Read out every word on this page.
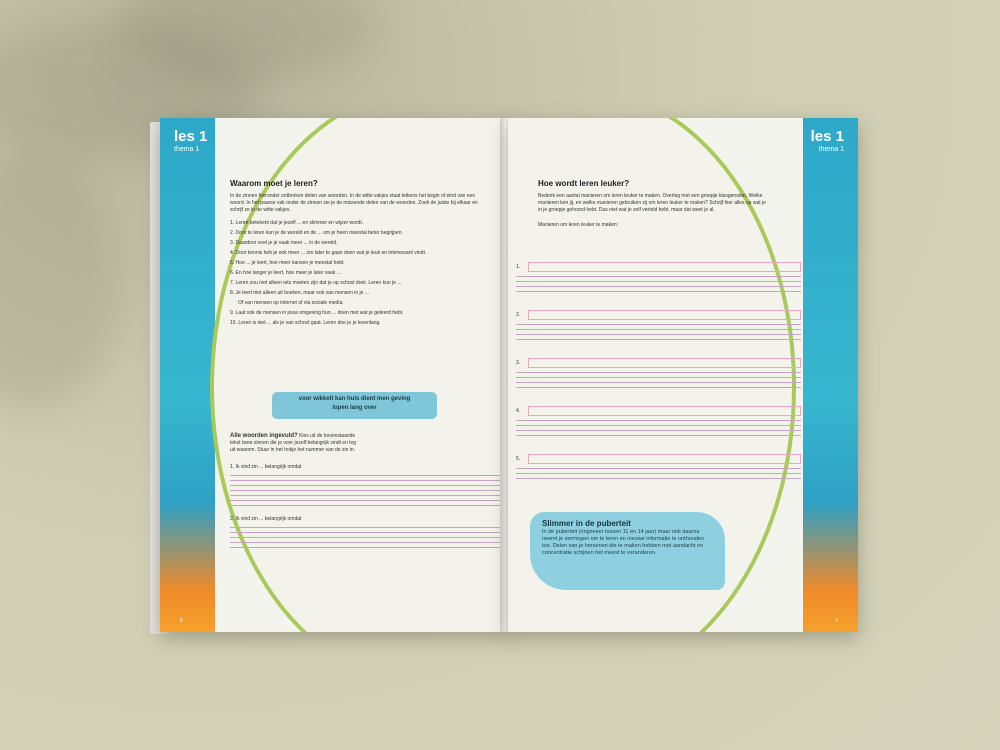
les 1
thema 1
Waarom moet je leren?
In de zinnen hieronder ontbreken delen van woorden. In de witte vakjes staat telkens het begin of eind van een woord. In het paarse vak onder de zinnen zie je de missende delen van de woorden. Zoek de juiste bij elkaar en schrijf ze in de witte vakjes.
1. Leren betekent dat je jezelf ... en slimmer en wijzer wordt.
2. Door te leren kun je de wereld en de ... om je heen meestal beter begrijpen.
3. Daardoor voel je je vaak meer ... in de wereld.
4. Door kennis heb je ook meer ... om later te gaan doen wat je leuk en interessant vindt.
5. Hoe ... je leert, hoe meer kansen je meestal hebt.
6. En hoe langer je leert, hoe meer je later vaak ...
7. Leren zou niet alleen iets moeten zijn dat je op school doet. Leren kun je ...
8. Je leert niet alleen uit boeken, maar ook van mensen in je ...
Of van mensen op internet of via sociale media.
9. Laat ook de mensen in jouw omgeving hun ... doen met wat je geleerd hebt.
10. Leren is niet ... als je van school gaat. Leren doe je je levenlang.
voor wikkelt kan huis dient men geving
lopen lang over
Alle woorden ingevuld? Kies uit de bovenstaande tekst twee zinnen die je voor jezelf belangrijk vindt en leg uit waarom. Stuur in het hokje het nummer van de zin in.
1. Ik vind zin ... belangrijk omdat
2. Ik vind zin ... belangrijk omdat
8
les 1
thema 1
Hoe wordt leren leuker?
Bedenk een aantal manieren om leren leuker te maken. Overleg met een groepje klasgenoten. Welke manieren ken jij, en welke manieren gebruiken zij om leren leuker te maken? Schrijf hier alles op wat je in je groepje gehoord hebt. Dus niet wat je zelf verteld hebt, maar dat weet je al.
Manieren om leren leuker te maken:
1.
2.
3.
4.
5.
Slimmer in de puberteit
In de puberteit (ongeveer tussen 11 en 14 jaar) maar ook daarna neemt je vermogen om te leren en nieuwe informatie te onthouden toe. Delen van je hersenen die te maken hebben met aandacht en concentratie schijnen het meest te veranderen.
9
